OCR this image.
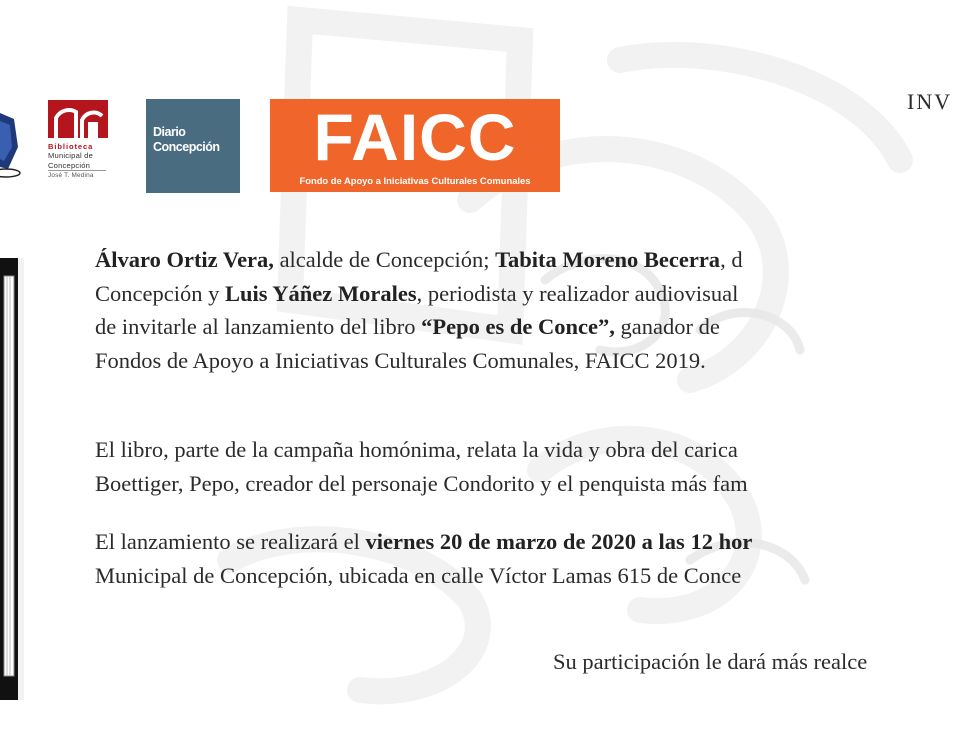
Biblioteca
Municipal de
Concepción

José T. Medina
Diario
Concepción	FAICC
Fondo de Apoyo a Iniciativas Culturales Comunales
INV

Álvaro Ortiz Vera, alcalde de Concepción; Tabita Moreno Becerra, d

Concepción y Luis Yáñez Morales, periodista y realizador audiovisual

de invitarle al lanzamiento del libro “Pepo es de Conce”, ganador de

Fondos de Apoyo a Iniciativas Culturales Comunales, FAICC 2019.

El libro, parte de la campaña homónima, relata la vida y obra del carica

Boettiger, Pepo, creador del personaje Condorito y el penquista más fam

El lanzamiento se realizará el viernes 20 de marzo de 2020 a las 12 hor

Municipal de Concepción, ubicada en calle Víctor Lamas 615 de Conce

Su participación le dará más realce
